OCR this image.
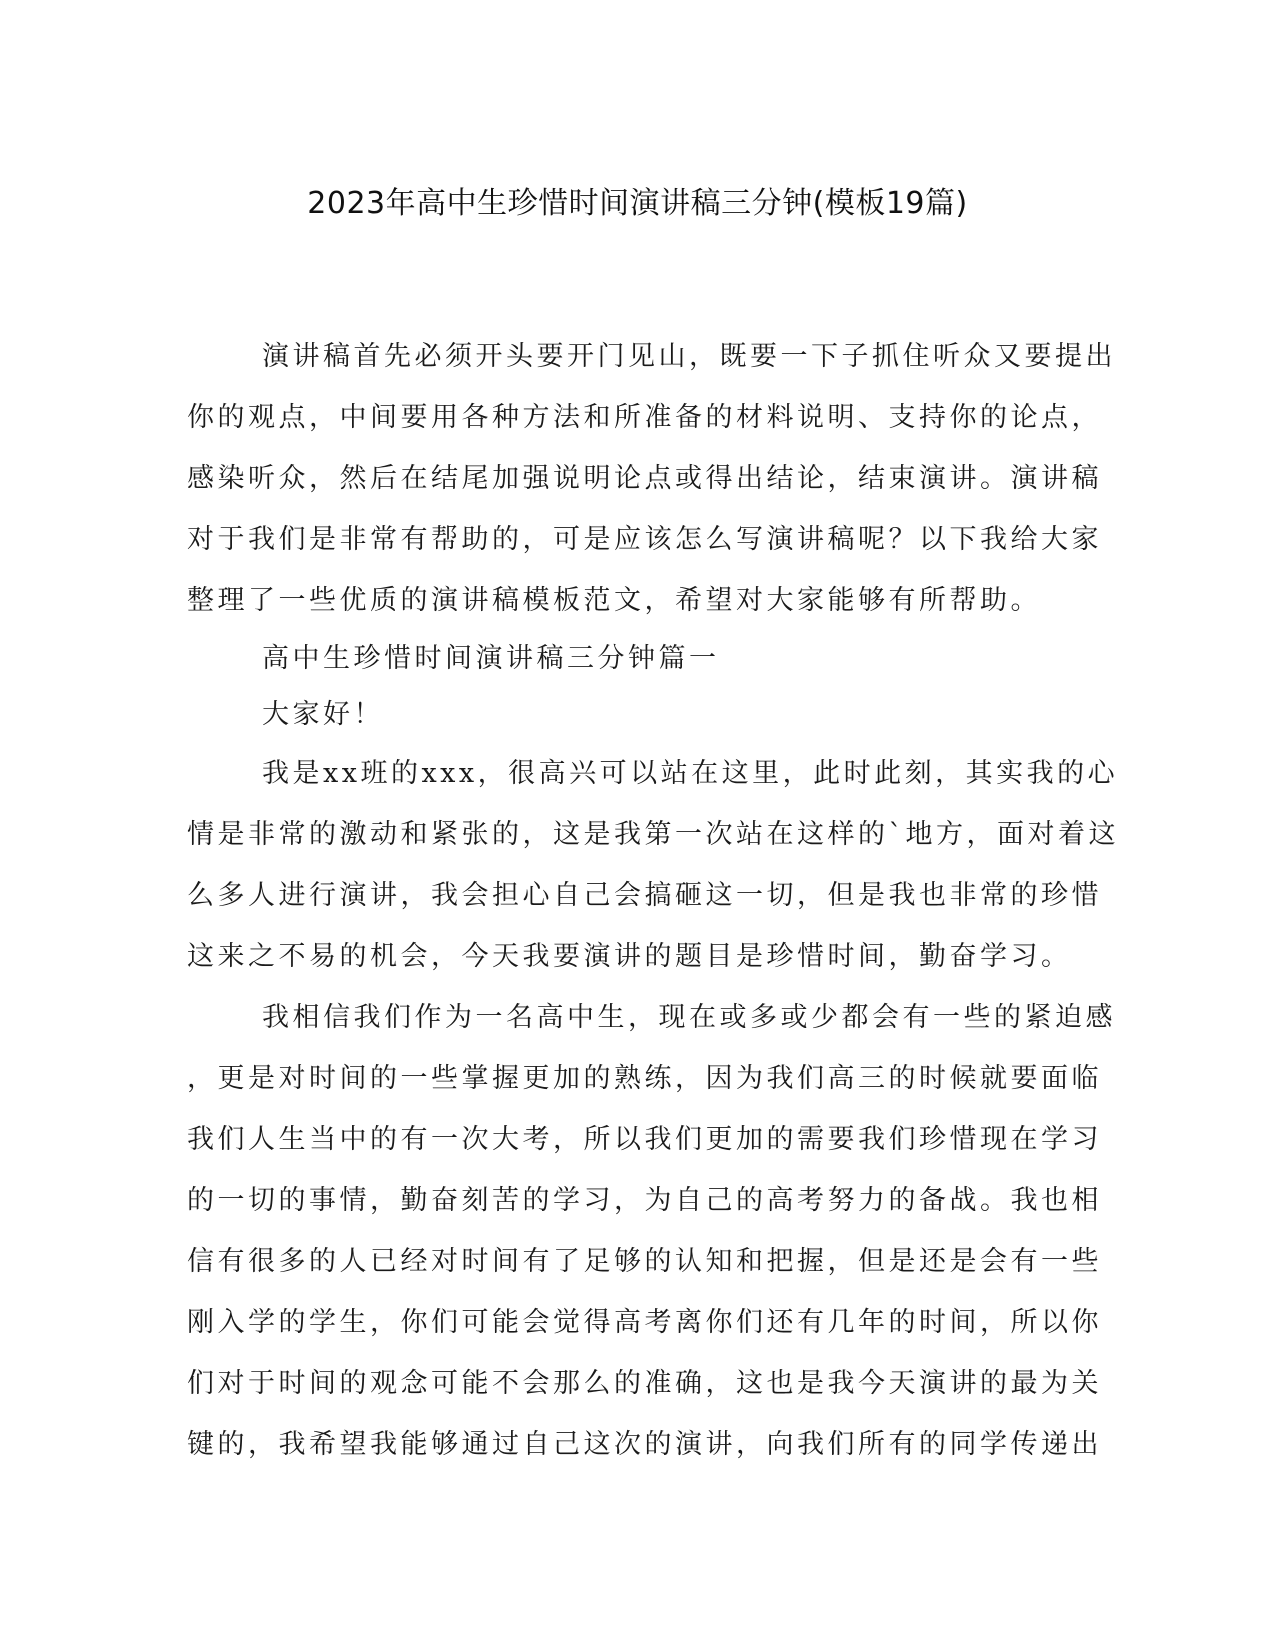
2023年高中生珍惜时间演讲稿三分钟(模板19篇)
演讲稿首先必须开头要开门见山，既要一下子抓住听众又要提出
你的观点，中间要用各种方法和所准备的材料说明、支持你的论点，
感染听众，然后在结尾加强说明论点或得出结论，结束演讲。演讲稿
对于我们是非常有帮助的，可是应该怎么写演讲稿呢？以下我给大家
整理了一些优质的演讲稿模板范文，希望对大家能够有所帮助。
高中生珍惜时间演讲稿三分钟篇一
大家好！
我是xx班的xxx，很高兴可以站在这里，此时此刻，其实我的心
情是非常的激动和紧张的，这是我第一次站在这样的`地方，面对着这
么多人进行演讲，我会担心自己会搞砸这一切，但是我也非常的珍惜
这来之不易的机会，今天我要演讲的题目是珍惜时间，勤奋学习。
我相信我们作为一名高中生，现在或多或少都会有一些的紧迫感
，更是对时间的一些掌握更加的熟练，因为我们高三的时候就要面临
我们人生当中的有一次大考，所以我们更加的需要我们珍惜现在学习
的一切的事情，勤奋刻苦的学习，为自己的高考努力的备战。我也相
信有很多的人已经对时间有了足够的认知和把握，但是还是会有一些
刚入学的学生，你们可能会觉得高考离你们还有几年的时间，所以你
们对于时间的观念可能不会那么的准确，这也是我今天演讲的最为关
键的，我希望我能够通过自己这次的演讲，向我们所有的同学传递出
